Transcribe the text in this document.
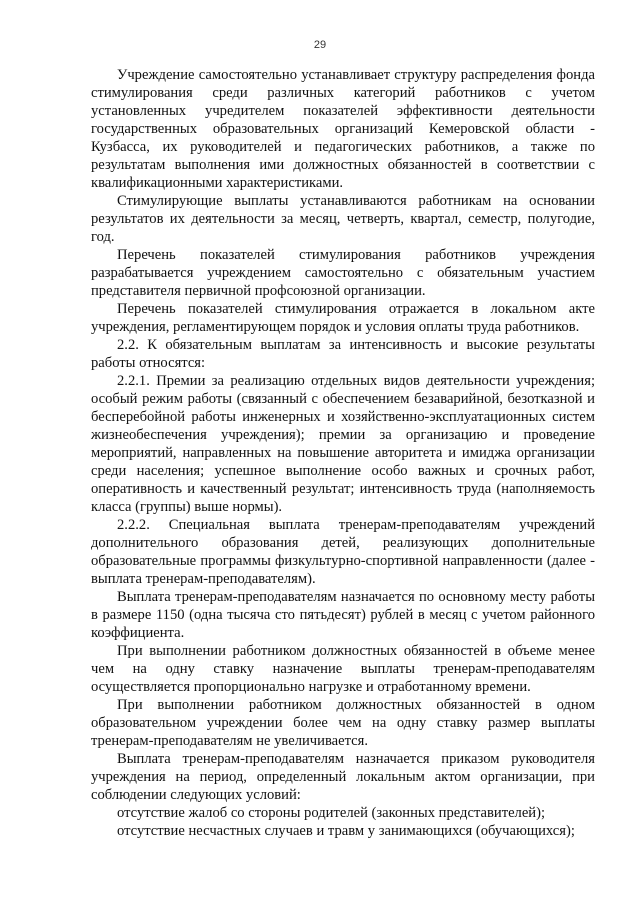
29

Учреждение самостоятельно устанавливает структуру распределения фонда стимулирования среди различных категорий работников с учетом установленных учредителем показателей эффективности деятельности государственных образовательных организаций Кемеровской области - Кузбасса, их руководителей и педагогических работников, а также по результатам выполнения ими должностных обязанностей в соответствии с квалификационными характеристиками.

Стимулирующие выплаты устанавливаются работникам на основании результатов их деятельности за месяц, четверть, квартал, семестр, полугодие, год.

Перечень показателей стимулирования работников учреждения разрабатывается учреждением самостоятельно с обязательным участием представителя первичной профсоюзной организации.

Перечень показателей стимулирования отражается в локальном акте учреждения, регламентирующем порядок и условия оплаты труда работников.

2.2. К обязательным выплатам за интенсивность и высокие результаты работы относятся:

2.2.1. Премии за реализацию отдельных видов деятельности учреждения; особый режим работы (связанный с обеспечением безаварийной, безотказной и бесперебойной работы инженерных и хозяйственно-эксплуатационных систем жизнеобеспечения учреждения); премии за организацию и проведение мероприятий, направленных на повышение авторитета и имиджа организации среди населения; успешное выполнение особо важных и срочных работ, оперативность и качественный результат; интенсивность труда (наполняемость класса (группы) выше нормы).

2.2.2. Специальная выплата тренерам-преподавателям учреждений дополнительного образования детей, реализующих дополнительные образовательные программы физкультурно-спортивной направленности (далее - выплата тренерам-преподавателям).

Выплата тренерам-преподавателям назначается по основному месту работы в размере 1150 (одна тысяча сто пятьдесят) рублей в месяц с учетом районного коэффициента.

При выполнении работником должностных обязанностей в объеме менее чем на одну ставку назначение выплаты тренерам-преподавателям осуществляется пропорционально нагрузке и отработанному времени.

При выполнении работником должностных обязанностей в одном образовательном учреждении более чем на одну ставку размер выплаты тренерам-преподавателям не увеличивается.

Выплата тренерам-преподавателям назначается приказом руководителя учреждения на период, определенный локальным актом организации, при соблюдении следующих условий:

отсутствие жалоб со стороны родителей (законных представителей);

отсутствие несчастных случаев и травм у занимающихся (обучающихся);
